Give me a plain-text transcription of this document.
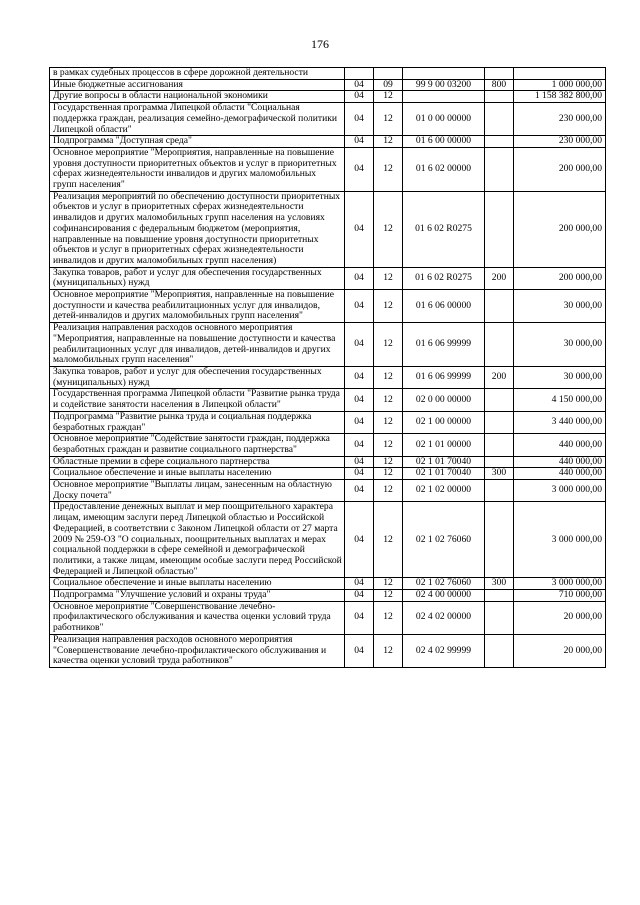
176
в рамках судебных процессов в сфере дорожной деятельности					
Иные бюджетные ассигнования	04	09	99 9 00 03200	800	1 000 000,00
Другие вопросы в области национальной экономики	04	12			1 158 382 800,00
Государственная программа Липецкой области "Социальная поддержка граждан, реализация семейно-демографической политики Липецкой области"	04	12	01 0 00 00000		230 000,00
Подпрограмма "Доступная среда"	04	12	01 6 00 00000		230 000,00
Основное мероприятие "Мероприятия, направленные на повышение уровня доступности приоритетных объектов и услуг в приоритетных сферах жизнедеятельности инвалидов и других маломобильных групп населения"	04	12	01 6 02 00000		200 000,00
Реализация мероприятий по обеспечению доступности приоритетных объектов и услуг в приоритетных сферах жизнедеятельности инвалидов и других маломобильных групп населения на условиях софинансирования с федеральным бюджетом (мероприятия, направленные на повышение уровня доступности приоритетных объектов и услуг в приоритетных сферах жизнедеятельности инвалидов и других маломобильных групп населения)	04	12	01 6 02 R0275		200 000,00
Закупка товаров, работ и услуг для обеспечения государственных (муниципальных) нужд	04	12	01 6 02 R0275	200	200 000,00
Основное мероприятие "Мероприятия, направленные на повышение доступности и качества реабилитационных услуг для инвалидов, детей-инвалидов и других маломобильных групп населения"	04	12	01 6 06 00000		30 000,00
Реализация направления расходов основного мероприятия "Мероприятия, направленные на повышение доступности и качества реабилитационных услуг для инвалидов, детей-инвалидов и других маломобильных групп населения"	04	12	01 6 06 99999		30 000,00
Закупка товаров, работ и услуг для обеспечения государственных (муниципальных) нужд	04	12	01 6 06 99999	200	30 000,00
Государственная программа Липецкой области "Развитие рынка труда и содействие занятости населения в Липецкой области"	04	12	02 0 00 00000		4 150 000,00
Подпрограмма "Развитие рынка труда и социальная поддержка безработных граждан"	04	12	02 1 00 00000		3 440 000,00
Основное мероприятие "Содействие занятости граждан, поддержка безработных граждан и развитие социального партнерства"	04	12	02 1 01 00000		440 000,00
Областные премии в сфере социального партнерства	04	12	02 1 01 70040		440 000,00
Социальное обеспечение и иные выплаты населению	04	12	02 1 01 70040	300	440 000,00
Основное мероприятие "Выплаты лицам, занесенным на областную Доску почета"	04	12	02 1 02 00000		3 000 000,00
Предоставление денежных выплат и мер поощрительного характера лицам, имеющим заслуги перед Липецкой областью и Российской Федерацией, в соответствии с Законом Липецкой области от 27 марта 2009 № 259-ОЗ "О социальных, поощрительных выплатах и мерах социальной поддержки в сфере семейной и демографической политики, а также лицам, имеющим особые заслуги перед Российской Федерацией и Липецкой областью"	04	12	02 1 02 76060		3 000 000,00
Социальное обеспечение и иные выплаты населению	04	12	02 1 02 76060	300	3 000 000,00
Подпрограмма "Улучшение условий и охраны труда"	04	12	02 4 00 00000		710 000,00
Основное мероприятие "Совершенствование лечебно-профилактического обслуживания и качества оценки условий труда работников"	04	12	02 4 02 00000		20 000,00
Реализация направления расходов основного мероприятия "Совершенствование лечебно-профилактического обслуживания и качества оценки условий труда работников"	04	12	02 4 02 99999		20 000,00
